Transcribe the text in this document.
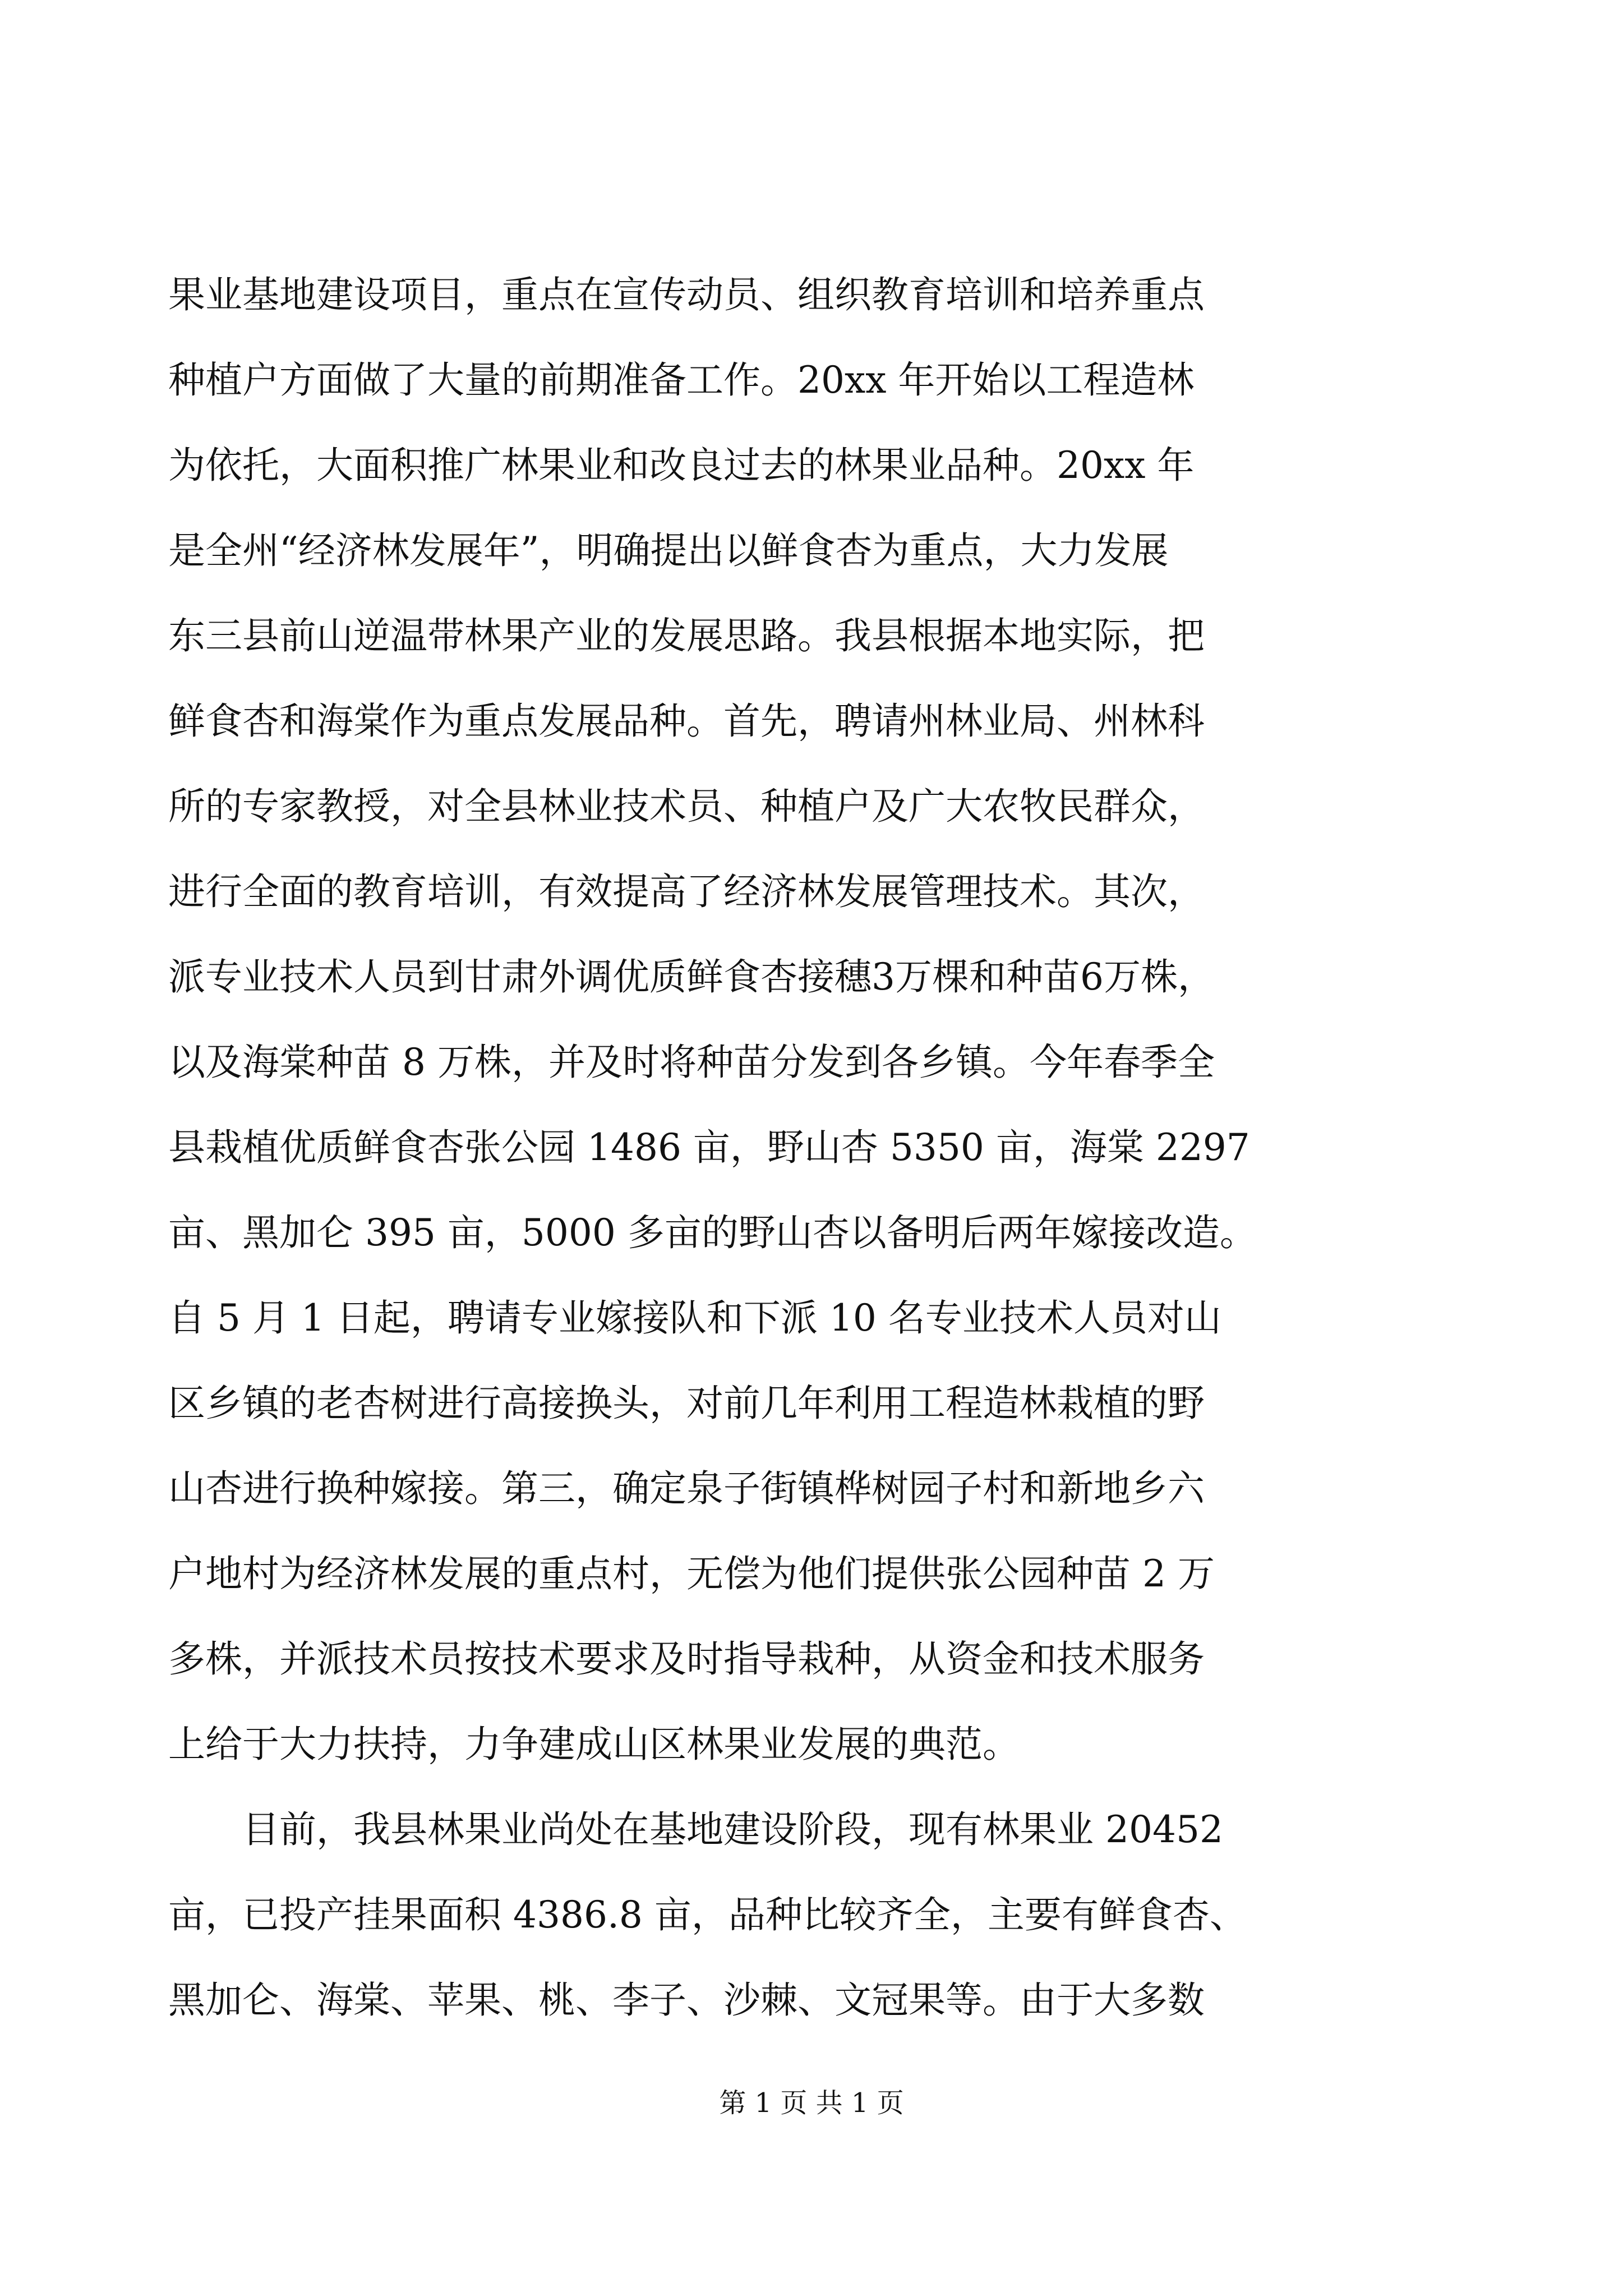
果业基地建设项目，重点在宣传动员、组织教育培训和培养重点
种植户方面做了大量的前期准备工作。20xx 年开始以工程造林
为依托，大面积推广林果业和改良过去的林果业品种。20xx 年
是全州“经济林发展年”，明确提出以鲜食杏为重点，大力发展
东三县前山逆温带林果产业的发展思路。我县根据本地实际，把
鲜食杏和海棠作为重点发展品种。首先，聘请州林业局、州林科
所的专家教授，对全县林业技术员、种植户及广大农牧民群众，
进行全面的教育培训，有效提高了经济林发展管理技术。其次，
派专业技术人员到甘肃外调优质鲜食杏接穗3万棵和种苗6万株，
以及海棠种苗 8 万株，并及时将种苗分发到各乡镇。今年春季全
县栽植优质鲜食杏张公园 1486 亩，野山杏 5350 亩，海棠 2297
亩、黑加仑 395 亩，5000 多亩的野山杏以备明后两年嫁接改造。
自 5 月 1 日起，聘请专业嫁接队和下派 10 名专业技术人员对山
区乡镇的老杏树进行高接换头，对前几年利用工程造林栽植的野
山杏进行换种嫁接。第三，确定泉子街镇桦树园子村和新地乡六
户地村为经济林发展的重点村，无偿为他们提供张公园种苗 2 万
多株，并派技术员按技术要求及时指导栽种，从资金和技术服务
上给于大力扶持，力争建成山区林果业发展的典范。
　　目前，我县林果业尚处在基地建设阶段，现有林果业 20452
亩，已投产挂果面积 4386.8 亩，品种比较齐全，主要有鲜食杏、
黑加仑、海棠、苹果、桃、李子、沙棘、文冠果等。由于大多数
第 1 页 共 1 页
